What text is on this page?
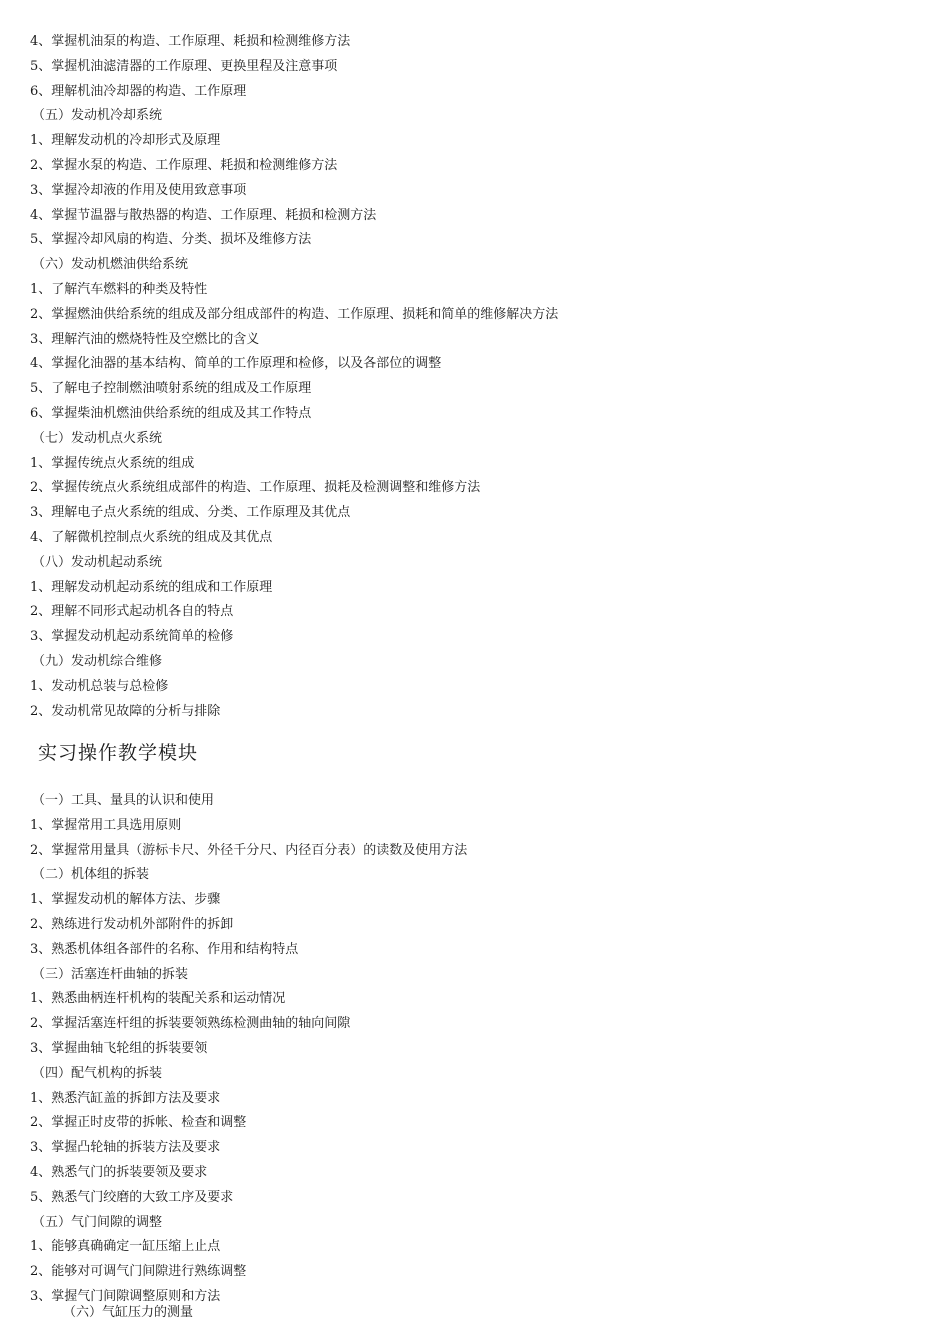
4、掌握机油泵的构造、工作原理、耗损和检测维修方法
5、掌握机油滤清器的工作原理、更换里程及注意事项
6、理解机油冷却器的构造、工作原理
（五）发动机冷却系统
1、理解发动机的冷却形式及原理
2、掌握水泵的构造、工作原理、耗损和检测维修方法
3、掌握冷却液的作用及使用致意事项
4、掌握节温器与散热器的构造、工作原理、耗损和检测方法
5、掌握冷却风扇的构造、分类、损坏及维修方法
（六）发动机燃油供给系统
1、了解汽车燃料的种类及特性
2、掌握燃油供给系统的组成及部分组成部件的构造、工作原理、损耗和简单的维修解决方法
3、理解汽油的燃烧特性及空燃比的含义
4、掌握化油器的基本结构、简单的工作原理和检修，以及各部位的调整
5、了解电子控制燃油喷射系统的组成及工作原理
6、掌握柴油机燃油供给系统的组成及其工作特点
（七）发动机点火系统
1、掌握传统点火系统的组成
2、掌握传统点火系统组成部件的构造、工作原理、损耗及检测调整和维修方法
3、理解电子点火系统的组成、分类、工作原理及其优点
4、了解微机控制点火系统的组成及其优点
（八）发动机起动系统
1、理解发动机起动系统的组成和工作原理
2、理解不同形式起动机各自的特点
3、掌握发动机起动系统简单的检修
（九）发动机综合维修
1、发动机总装与总检修
2、发动机常见故障的分析与排除
实习操作教学模块
（一）工具、量具的认识和使用
1、掌握常用工具选用原则
2、掌握常用量具（游标卡尺、外径千分尺、内径百分表）的读数及使用方法
（二）机体组的拆装
1、掌握发动机的解体方法、步骤
2、熟练进行发动机外部附件的拆卸
3、熟悉机体组各部件的名称、作用和结构特点
（三）活塞连杆曲轴的拆装
1、熟悉曲柄连杆机构的装配关系和运动情况
2、掌握活塞连杆组的拆装要领熟练检测曲轴的轴向间隙
3、掌握曲轴飞轮组的拆装要领
（四）配气机构的拆装
1、熟悉汽缸盖的拆卸方法及要求
2、掌握正时皮带的拆帐、检查和调整
3、掌握凸轮轴的拆装方法及要求
4、熟悉气门的拆装要领及要求
5、熟悉气门绞磨的大致工序及要求
（五）气门间隙的调整
1、能够真确确定一缸压缩上止点
2、能够对可调气门间隙进行熟练调整
3、掌握气门间隙调整原则和方法
（六）气缸压力的测量
